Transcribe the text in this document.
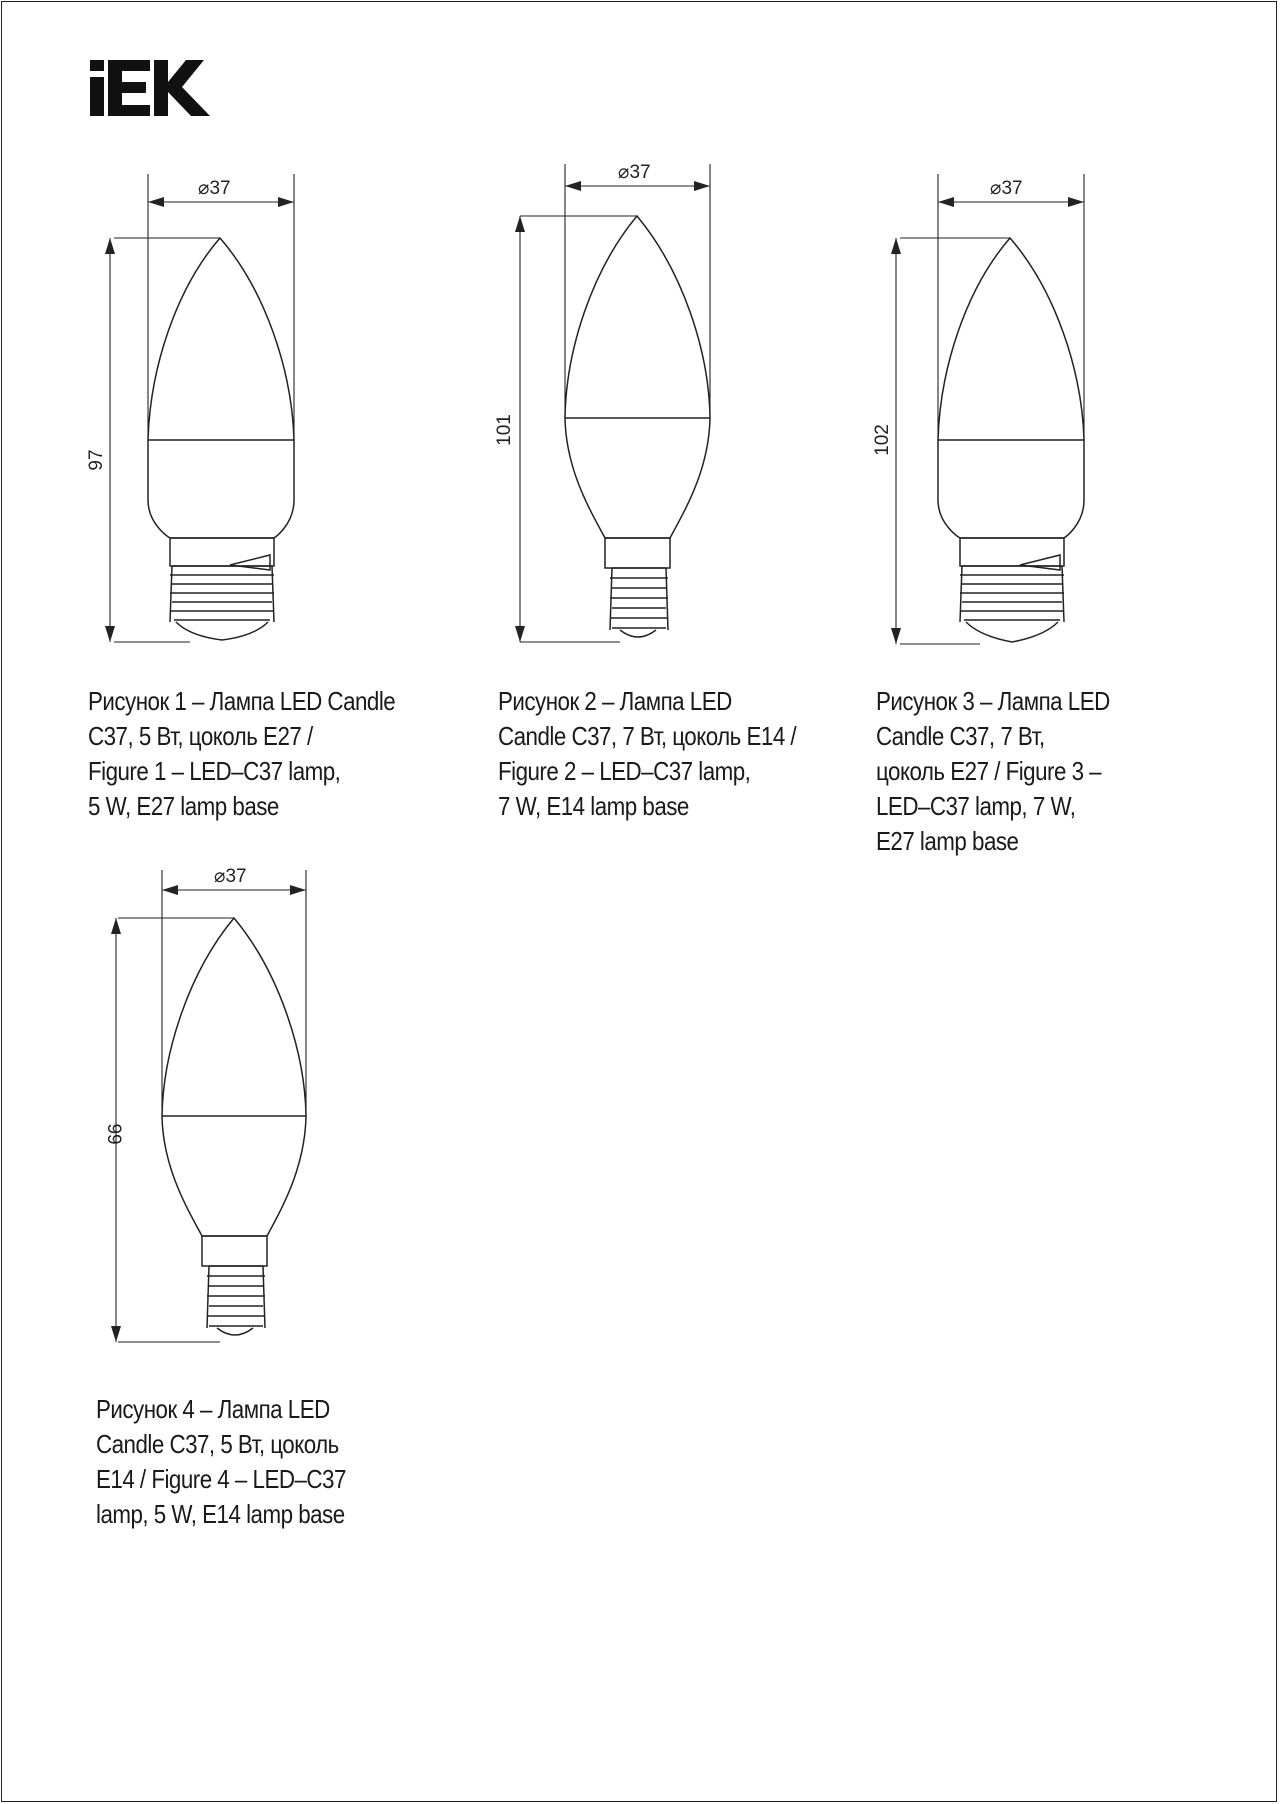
⌀37
97
Рисунок 1 – Лампа LED Candle
С37, 5 Вт, цоколь Е27 /
Figure 1 – LED–C37 lamp,
5 W, E27 lamp base
⌀37
101
Рисунок 2 – Лампа LED
Candle С37, 7 Вт, цоколь Е14 /
Figure 2 – LED–C37 lamp,
7 W, E14 lamp base
⌀37
102
Рисунок 3 – Лампа LED
Candle С37, 7 Вт,
цоколь Е27 / Figure 3 –
LED–C37 lamp, 7 W,
E27 lamp base
⌀37
99
Рисунок 4 – Лампа LED
Candle С37, 5 Вт, цоколь
E14 / Figure 4 – LED–C37
lamp, 5 W, E14 lamp base
